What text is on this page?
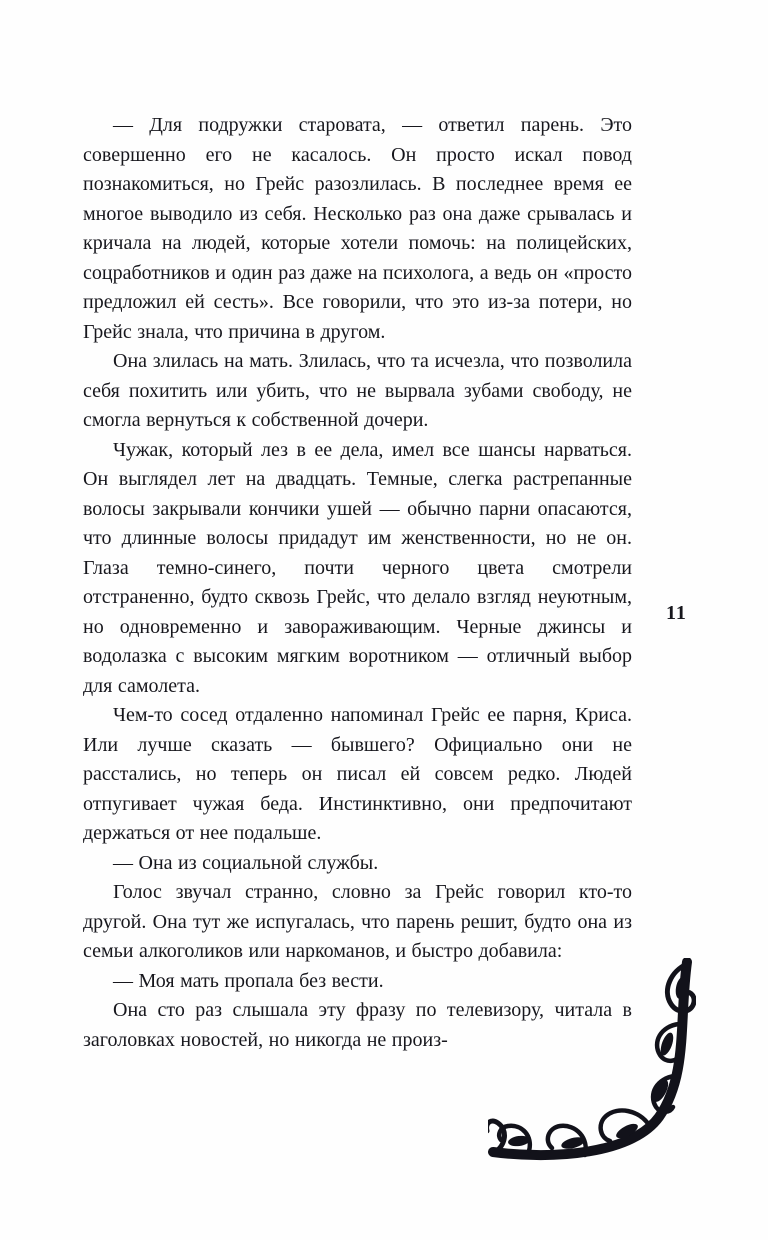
— Для подружки старовата, — ответил парень. Это совершенно его не касалось. Он просто искал повод познакомиться, но Грейс разозлилась. В последнее время ее многое выводило из себя. Несколько раз она даже срывалась и кричала на людей, которые хотели помочь: на полицейских, соцработников и один раз даже на психолога, а ведь он «просто предложил ей сесть». Все говорили, что это из-за потери, но Грейс знала, что причина в другом.

Она злилась на мать. Злилась, что та исчезла, что позволила себя похитить или убить, что не вырвала зубами свободу, не смогла вернуться к собственной дочери.

Чужак, который лез в ее дела, имел все шансы нарваться. Он выглядел лет на двадцать. Темные, слегка растрепанные волосы закрывали кончики ушей — обычно парни опасаются, что длинные волосы придадут им женственности, но не он. Глаза темно-синего, почти черного цвета смотрели отстраненно, будто сквозь Грейс, что делало взгляд неуютным, но одновременно и завораживающим. Черные джинсы и водолазка с высоким мягким воротником — отличный выбор для самолета.

Чем-то сосед отдаленно напоминал Грейс ее парня, Криса. Или лучше сказать — бывшего? Официально они не расстались, но теперь он писал ей совсем редко. Людей отпугивает чужая беда. Инстинктивно, они предпочитают держаться от нее подальше.

— Она из социальной службы.

Голос звучал странно, словно за Грейс говорил кто-то другой. Она тут же испугалась, что парень решит, будто она из семьи алкоголиков или наркоманов, и быстро добавила:

— Моя мать пропала без вести.

Она сто раз слышала эту фразу по телевизору, читала в заголовках новостей, но никогда не произ-

11
